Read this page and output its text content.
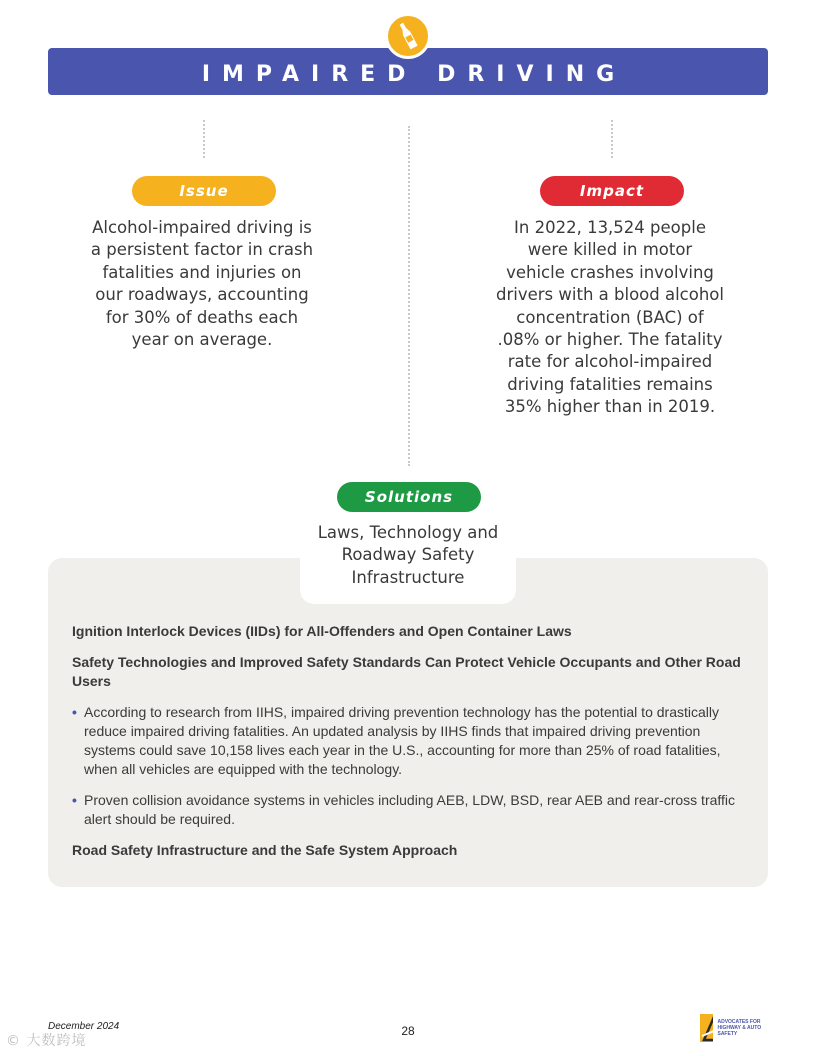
IMPAIRED DRIVING
Issue
Alcohol-impaired driving is a persistent factor in crash fatalities and injuries on our roadways, accounting for 30% of deaths each year on average.
Impact
In 2022, 13,524 people were killed in motor vehicle crashes involving drivers with a blood alcohol concentration (BAC) of .08% or higher. The fatality rate for alcohol-impaired driving fatalities remains 35% higher than in 2019.
Solutions
Laws, Technology and Roadway Safety Infrastructure

Ignition Interlock Devices (IIDs) for All-Offenders and Open Container Laws

Safety Technologies and Improved Safety Standards Can Protect Vehicle Occupants and Other Road Users

• According to research from IIHS, impaired driving prevention technology has the potential to drastically reduce impaired driving fatalities. An updated analysis by IIHS finds that impaired driving prevention systems could save 10,158 lives each year in the U.S., accounting for more than 25% of road fatalities, when all vehicles are equipped with the technology.
• Proven collision avoidance systems in vehicles including AEB, LDW, BSD, rear AEB and rear-cross traffic alert should be required.

Road Safety Infrastructure and the Safe System Approach

December 2024	28
ADVOCATES FOR HIGHWAY & AUTO SAFETY
© 大数跨境
